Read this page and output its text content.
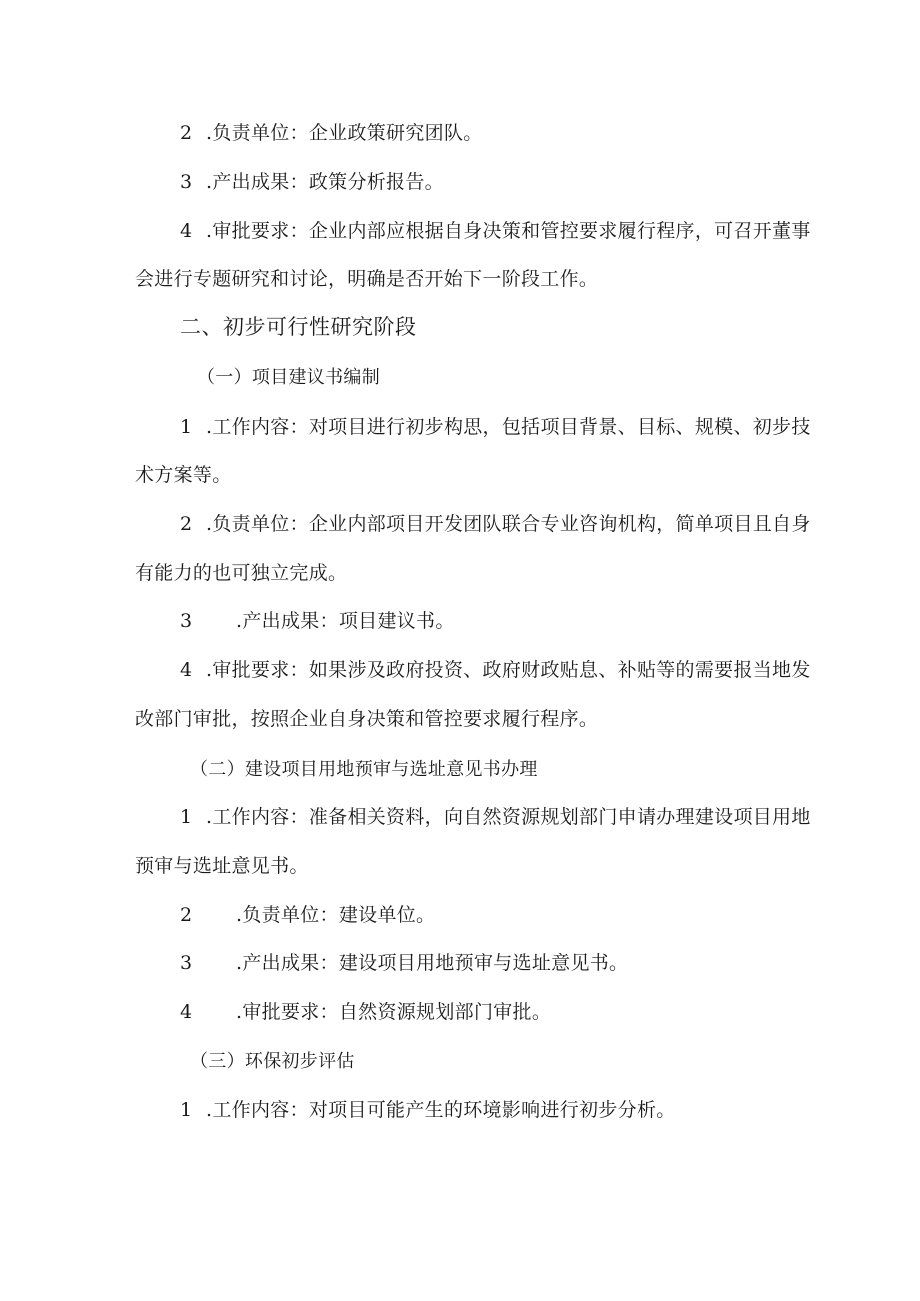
2 .负责单位：企业政策研究团队。
3 .产出成果：政策分析报告。
4 .审批要求：企业内部应根据自身决策和管控要求履行程序，可召开董事
会进行专题研究和讨论，明确是否开始下一阶段工作。
二、初步可行性研究阶段
（一）项目建议书编制
1 .工作内容：对项目进行初步构思，包括项目背景、目标、规模、初步技
术方案等。
2 .负责单位：企业内部项目开发团队联合专业咨询机构，简单项目且自身
有能力的也可独立完成。
3 .产出成果：项目建议书。
4 .审批要求：如果涉及政府投资、政府财政贴息、补贴等的需要报当地发
改部门审批，按照企业自身决策和管控要求履行程序。
（二）建设项目用地预审与选址意见书办理
1 .工作内容：准备相关资料，向自然资源规划部门申请办理建设项目用地
预审与选址意见书。
2 .负责单位：建设单位。
3 .产出成果：建设项目用地预审与选址意见书。
4 .审批要求：自然资源规划部门审批。
（三）环保初步评估
1 .工作内容：对项目可能产生的环境影响进行初步分析。
